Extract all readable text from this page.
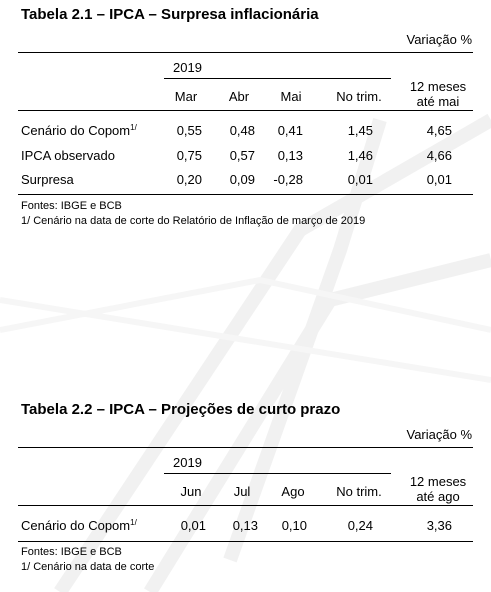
Tabela 2.1 – IPCA – Surpresa inflacionária
Variação %
2019
Mar	Abr	Mai	No trim.
12 meses
até mai
Cenário do Copom$^{1/}$	0,55	0,48	0,41	1,45	4,65
IPCA observado	0,75	0,57	0,13	1,46	4,66
Surpresa	0,20	0,09	-0,28	0,01	0,01
Fontes: IBGE e BCB
1/ Cenário na data de corte do Relatório de Inflação de março de 2019
Tabela 2.2 – IPCA – Projeções de curto prazo
Variação %
2019
Jun	Jul	Ago	No trim.
12 meses
até ago
Cenário do Copom$^{1/}$	0,01	0,13	0,10	0,24	3,36
Fontes: IBGE e BCB
1/ Cenário na data de corte
